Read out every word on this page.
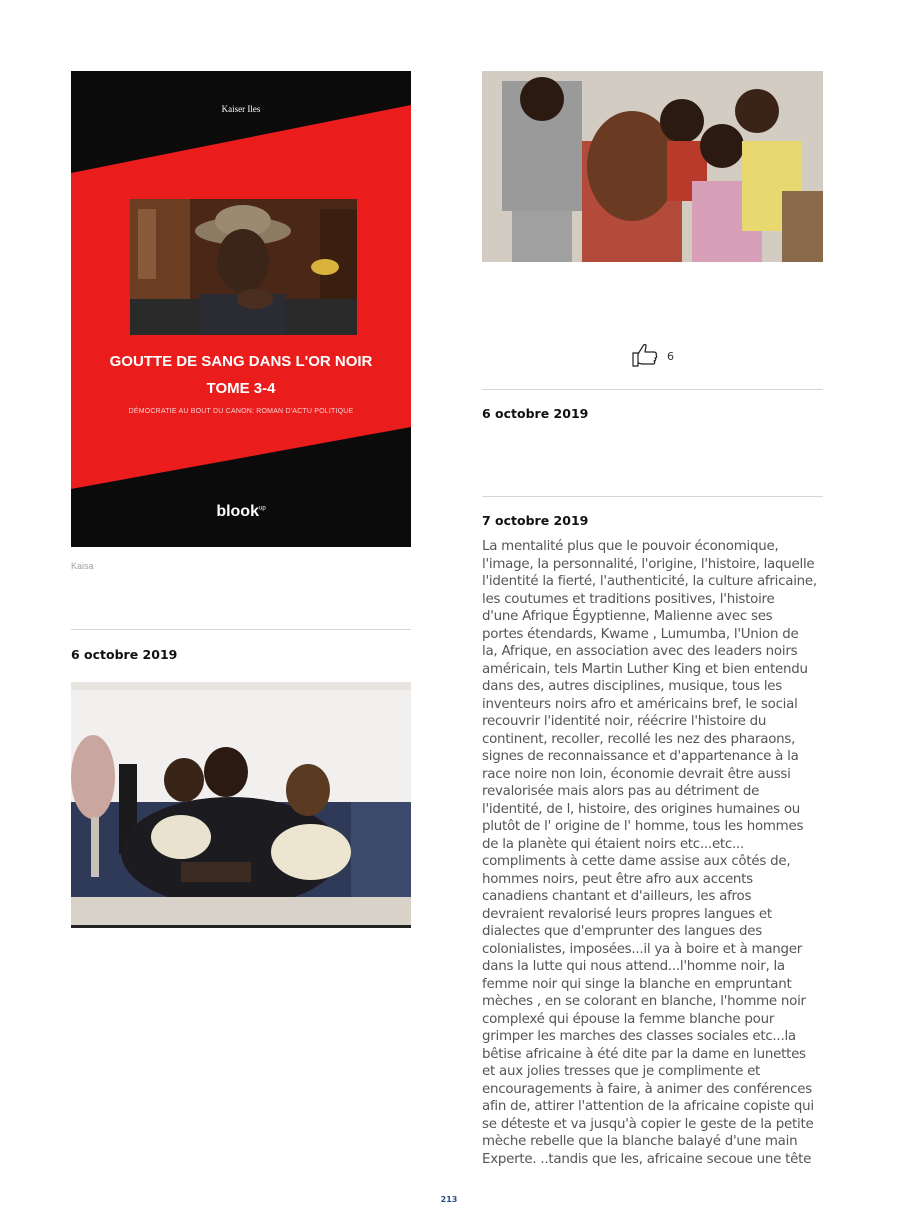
Kaiser Iles
GOUTTE DE SANG DANS L'OR NOIR
TOME 3-4
DÉMOCRATIE AU BOUT DU CANON: ROMAN D'ACTU POLITIQUE
blook$^{up}$
Kaisa
6 octobre 2019
6
6 octobre 2019
7 octobre 2019
La mentalité plus que le pouvoir économique,
l'image, la personnalité, l'origine, l'histoire, laquelle
l'identité la fierté, l'authenticité, la culture africaine,
les coutumes et traditions positives, l'histoire
d'une Afrique Égyptienne, Malienne avec ses
portes étendards, Kwame , Lumumba, l'Union de
la, Afrique, en association avec des leaders noirs
américain, tels Martin Luther King et bien entendu
dans des, autres disciplines, musique, tous les
inventeurs noirs afro et américains bref, le social
recouvrir l'identité noir, réécrire l'histoire du
continent, recoller, recollé les nez des pharaons,
signes de reconnaissance et d'appartenance à la
race noire non loin, économie devrait être aussi
revalorisée mais alors pas au détriment de
l'identité, de l, histoire, des origines humaines ou
plutôt de l' origine de l' homme, tous les hommes
de la planète qui étaient noirs etc...etc...
compliments à cette dame assise aux côtés de,
hommes noirs, peut être afro aux accents
canadiens chantant et d'ailleurs, les afros
devraient revalorisé leurs propres langues et
dialectes que d'emprunter des langues des
colonialistes, imposées...il ya à boire et à manger
dans la lutte qui nous attend...l'homme noir, la
femme noir qui singe la blanche en empruntant
mèches , en se colorant en blanche, l'homme noir
complexé qui épouse la femme blanche pour
grimper les marches des classes sociales etc...la
bêtise africaine à été dite par la dame en lunettes
et aux jolies tresses que je complimente et
encouragements à faire, à animer des conférences
afin de, attirer l'attention de la africaine copiste qui
se déteste et va jusqu'à copier le geste de la petite
mèche rebelle que la blanche balayé d'une main
Experte. ..tandis que les, africaine secoue une tête
213
